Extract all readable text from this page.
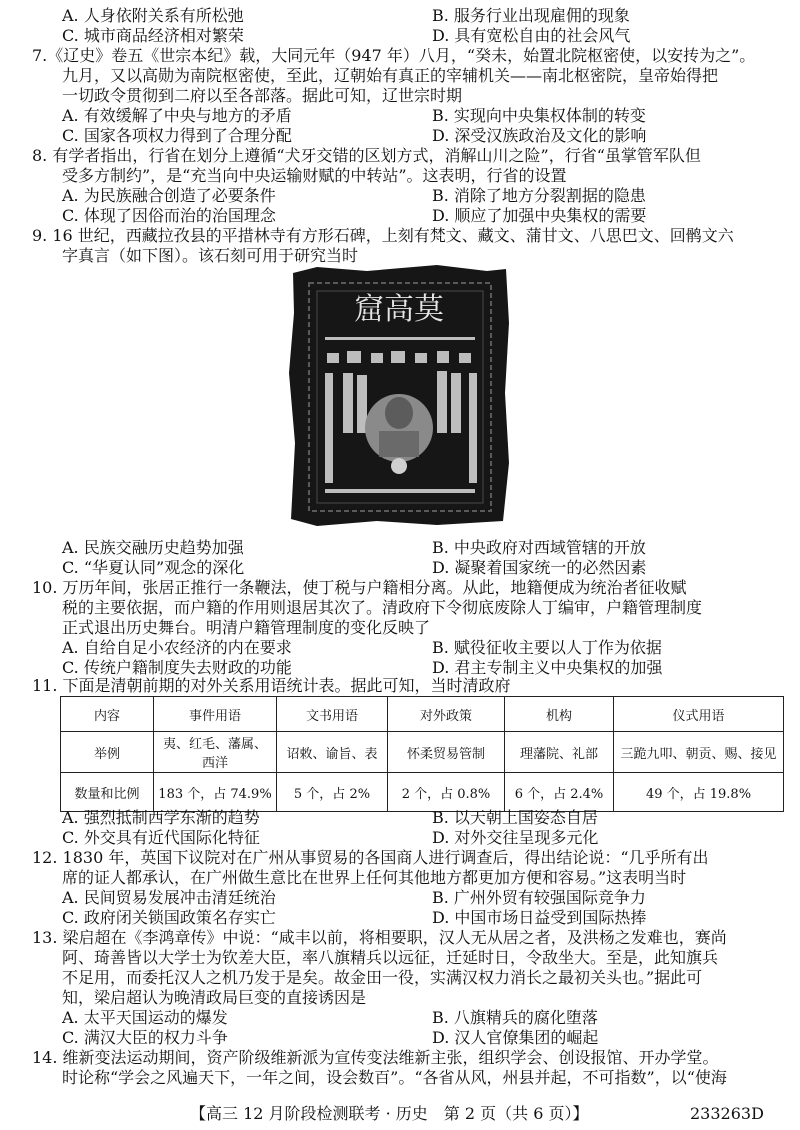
A. 人身依附关系有所松弛	B. 服务行业出现雇佣的现象
C. 城市商品经济相对繁荣	D. 具有宽松自由的社会风气
7.《辽史》卷五《世宗本纪》载，大同元年（947 年）八月，“癸未，始置北院枢密使，以安抟为之”。
九月，又以高勋为南院枢密使，至此，辽朝始有真正的宰辅机关——南北枢密院，皇帝始得把
一切政令贯彻到二府以至各部落。据此可知，辽世宗时期
A. 有效缓解了中央与地方的矛盾	B. 实现向中央集权体制的转变
C. 国家各项权力得到了合理分配	D. 深受汉族政治及文化的影响
8. 有学者指出，行省在划分上遵循“犬牙交错的区划方式，消解山川之险”，行省“虽掌管军队但
受多方制约”，是“充当向中央运输财赋的中转站”。这表明，行省的设置
A. 为民族融合创造了必要条件	B. 消除了地方分裂割据的隐患
C. 体现了因俗而治的治国理念	D. 顺应了加强中央集权的需要
9. 16 世纪，西藏拉孜县的平措林寺有方形石碑，上刻有梵文、藏文、蒲甘文、八思巴文、回鹘文六
字真言（如下图）。该石刻可用于研究当时
窟高莫
A. 民族交融历史趋势加强	B. 中央政府对西域管辖的开放
C. “华夏认同”观念的深化	D. 凝聚着国家统一的必然因素
10. 万历年间，张居正推行一条鞭法，使丁税与户籍相分离。从此，地籍便成为统治者征收赋
税的主要依据，而户籍的作用则退居其次了。清政府下令彻底废除人丁编审，户籍管理制度
正式退出历史舞台。明清户籍管理制度的变化反映了
A. 自给自足小农经济的内在要求	B. 赋役征收主要以人丁作为依据
C. 传统户籍制度失去财政的功能	D. 君主专制主义中央集权的加强
11. 下面是清朝前期的对外关系用语统计表。据此可知，当时清政府
内容	事件用语	文书用语	对外政策	机构	仪式用语
举例	夷、红毛、藩属、西洋	诏敕、谕旨、表	怀柔贸易管制	理藩院、礼部	三跪九叩、朝贡、赐、接见
数量和比例	183 个，占 74.9%	5 个，占 2%	2 个，占 0.8%	6 个，占 2.4%	49 个，占 19.8%
A. 强烈抵制西学东渐的趋势	B. 以天朝上国姿态自居
C. 外交具有近代国际化特征	D. 对外交往呈现多元化
12. 1830 年，英国下议院对在广州从事贸易的各国商人进行调查后，得出结论说：“几乎所有出
席的证人都承认，在广州做生意比在世界上任何其他地方都更加方便和容易。”这表明当时
A. 民间贸易发展冲击清廷统治	B. 广州外贸有较强国际竞争力
C. 政府闭关锁国政策名存实亡	D. 中国市场日益受到国际热捧
13. 梁启超在《李鸿章传》中说：“咸丰以前，将相要职，汉人无从居之者，及洪杨之发难也，赛尚
阿、琦善皆以大学士为钦差大臣，率八旗精兵以远征，迁延时日，令敌坐大。至是，此知旗兵
不足用，而委托汉人之机乃发于是矣。故金田一役，实满汉权力消长之最初关头也。”据此可
知，梁启超认为晚清政局巨变的直接诱因是
A. 太平天国运动的爆发	B. 八旗精兵的腐化堕落
C. 满汉大臣的权力斗争	D. 汉人官僚集团的崛起
14. 维新变法运动期间，资产阶级维新派为宣传变法维新主张，组织学会、创设报馆、开办学堂。
时论称“学会之风遍天下，一年之间，设会数百”。“各省从风，州县并起，不可指数”，以“使海
【高三 12 月阶段检测联考 · 历史　第 2 页（共 6 页）】	233263D
